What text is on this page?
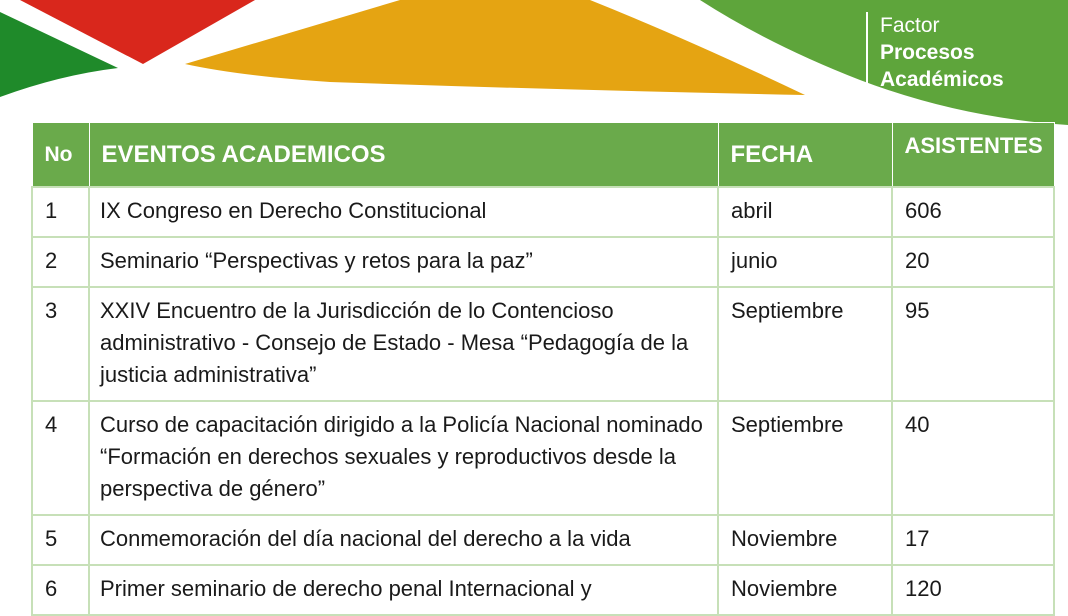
Factor
Procesos
Académicos
No	EVENTOS ACADEMICOS	FECHA	ASISTENTES
1	IX Congreso en Derecho Constitucional	abril	606
2	Seminario “Perspectivas y retos para la paz”	junio	20
3	XXIV Encuentro de la Jurisdicción de lo Contencioso administrativo - Consejo de Estado - Mesa “Pedagogía de la justicia administrativa”	Septiembre	95
4	Curso de capacitación dirigido a la Policía Nacional nominado “Formación en derechos sexuales y reproductivos desde la perspectiva de género”	Septiembre	40
5	Conmemoración del día nacional del derecho a la vida	Noviembre	17
6	Primer seminario de derecho penal Internacional y	Noviembre	120
